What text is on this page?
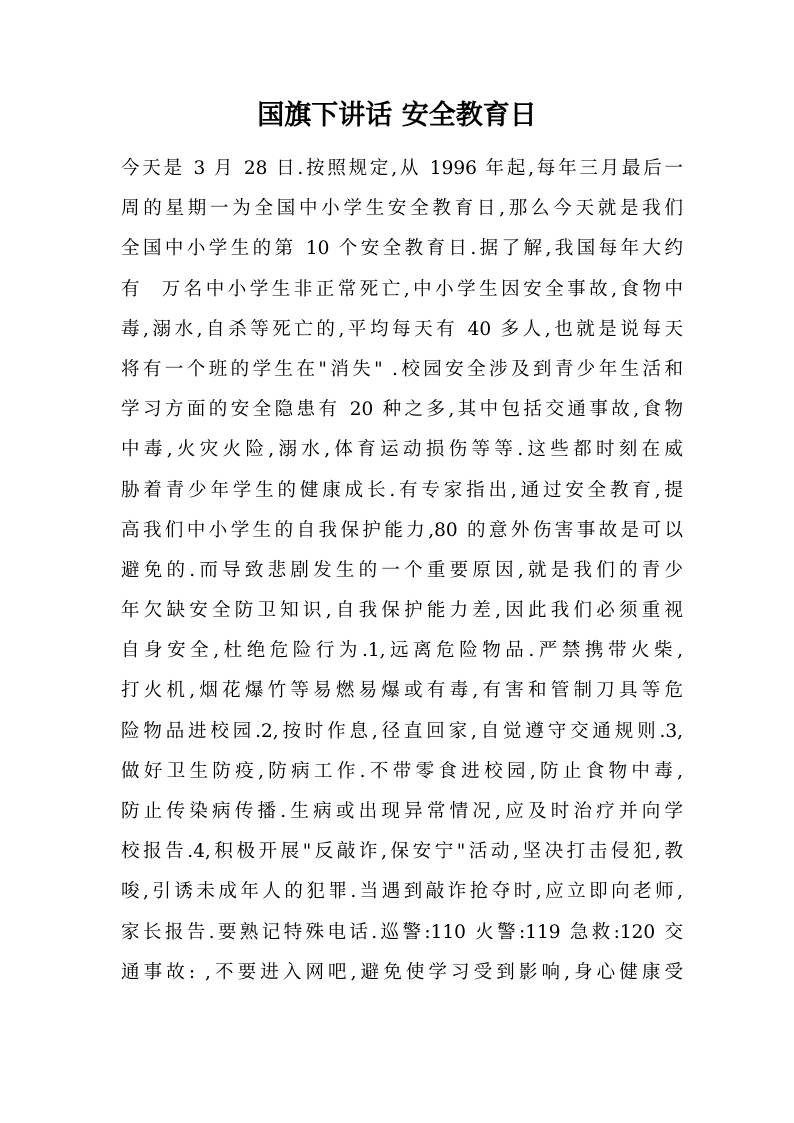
国旗下讲话 安全教育日
今天是 3 月 28 日.按照规定,从 1996 年起,每年三月最后一
周的星期一为全国中小学生安全教育日,那么今天就是我们
全国中小学生的第 10 个安全教育日.据了解,我国每年大约
有  万名中小学生非正常死亡,中小学生因安全事故,食物中
毒,溺水,自杀等死亡的,平均每天有 40 多人,也就是说每天
将有一个班的学生在"消失" .校园安全涉及到青少年生活和
学习方面的安全隐患有 20 种之多,其中包括交通事故,食物
中毒,火灾火险,溺水,体育运动损伤等等.这些都时刻在威
胁着青少年学生的健康成长.有专家指出,通过安全教育,提
高我们中小学生的自我保护能力,80 的意外伤害事故是可以
避免的.而导致悲剧发生的一个重要原因,就是我们的青少
年欠缺安全防卫知识,自我保护能力差,因此我们必须重视
自身安全,杜绝危险行为.1,远离危险物品.严禁携带火柴,
打火机,烟花爆竹等易燃易爆或有毒,有害和管制刀具等危
险物品进校园.2,按时作息,径直回家,自觉遵守交通规则.3,
做好卫生防疫,防病工作.不带零食进校园,防止食物中毒,
防止传染病传播.生病或出现异常情况,应及时治疗并向学
校报告.4,积极开展"反敲诈,保安宁"活动,坚决打击侵犯,教
唆,引诱未成年人的犯罪.当遇到敲诈抢夺时,应立即向老师,
家长报告.要熟记特殊电话.巡警:110 火警:119 急救:120 交
通事故: ,不要进入网吧,避免使学习受到影响,身心健康受
